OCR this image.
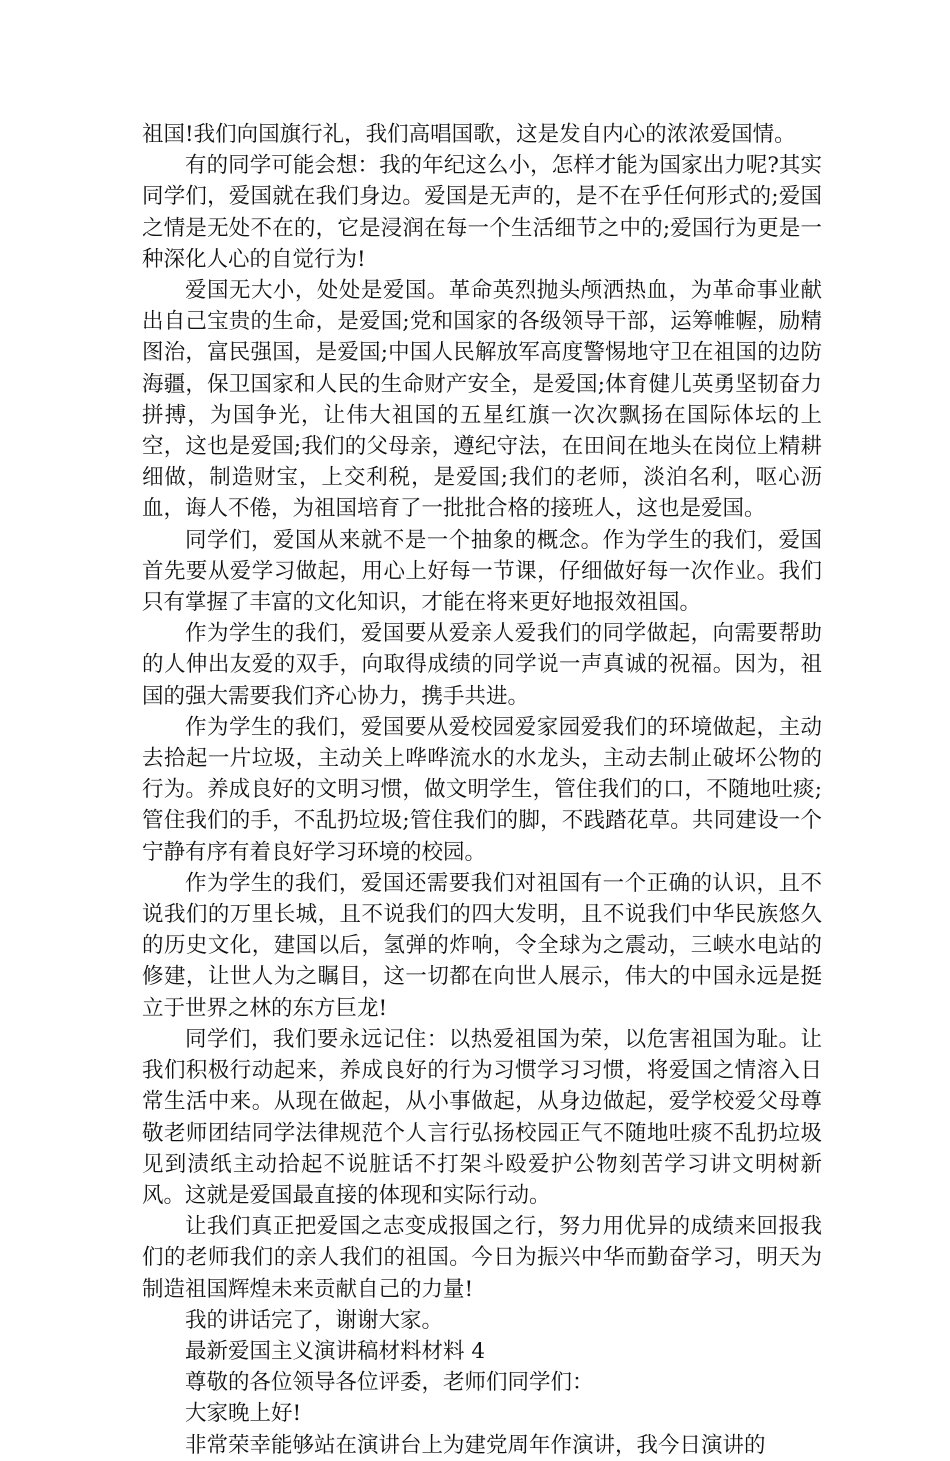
祖国!我们向国旗行礼，我们高唱国歌，这是发自内心的浓浓爱国情。

有的同学可能会想：我的年纪这么小，怎样才能为国家出力呢?其实同学们，爱国就在我们身边。爱国是无声的，是不在乎任何形式的;爱国之情是无处不在的，它是浸润在每一个生活细节之中的;爱国行为更是一种深化人心的自觉行为!

爱国无大小，处处是爱国。革命英烈抛头颅洒热血，为革命事业献出自己宝贵的生命，是爱国;党和国家的各级领导干部，运筹帷幄，励精图治，富民强国，是爱国;中国人民解放军高度警惕地守卫在祖国的边防海疆，保卫国家和人民的生命财产安全，是爱国;体育健儿英勇坚韧奋力拼搏，为国争光，让伟大祖国的五星红旗一次次飘扬在国际体坛的上空，这也是爱国;我们的父母亲，遵纪守法，在田间在地头在岗位上精耕细做，制造财宝，上交利税，是爱国;我们的老师，淡泊名利，呕心沥血，诲人不倦，为祖国培育了一批批合格的接班人，这也是爱国。

同学们，爱国从来就不是一个抽象的概念。作为学生的我们，爱国首先要从爱学习做起，用心上好每一节课，仔细做好每一次作业。我们只有掌握了丰富的文化知识，才能在将来更好地报效祖国。

作为学生的我们，爱国要从爱亲人爱我们的同学做起，向需要帮助的人伸出友爱的双手，向取得成绩的同学说一声真诚的祝福。因为，祖国的强大需要我们齐心协力，携手共进。

作为学生的我们，爱国要从爱校园爱家园爱我们的环境做起，主动去拾起一片垃圾，主动关上哗哗流水的水龙头，主动去制止破坏公物的行为。养成良好的文明习惯，做文明学生，管住我们的口，不随地吐痰;管住我们的手，不乱扔垃圾;管住我们的脚，不践踏花草。共同建设一个宁静有序有着良好学习环境的校园。

作为学生的我们，爱国还需要我们对祖国有一个正确的认识，且不说我们的万里长城，且不说我们的四大发明，且不说我们中华民族悠久的历史文化，建国以后，氢弹的炸响，令全球为之震动，三峡水电站的修建，让世人为之瞩目，这一切都在向世人展示，伟大的中国永远是挺立于世界之林的东方巨龙!

同学们，我们要永远记住：以热爱祖国为荣，以危害祖国为耻。让我们积极行动起来，养成良好的行为习惯学习习惯，将爱国之情溶入日常生活中来。从现在做起，从小事做起，从身边做起，爱学校爱父母尊敬老师团结同学法律规范个人言行弘扬校园正气不随地吐痰不乱扔垃圾见到渍纸主动拾起不说脏话不打架斗殴爱护公物刻苦学习讲文明树新风。这就是爱国最直接的体现和实际行动。

让我们真正把爱国之志变成报国之行，努力用优异的成绩来回报我们的老师我们的亲人我们的祖国。今日为振兴中华而勤奋学习，明天为制造祖国辉煌未来贡献自己的力量!

我的讲话完了，谢谢大家。

最新爱国主义演讲稿材料材料 4

尊敬的各位领导各位评委，老师们同学们：

大家晚上好!

非常荣幸能够站在演讲台上为建党周年作演讲，我今日演讲的
